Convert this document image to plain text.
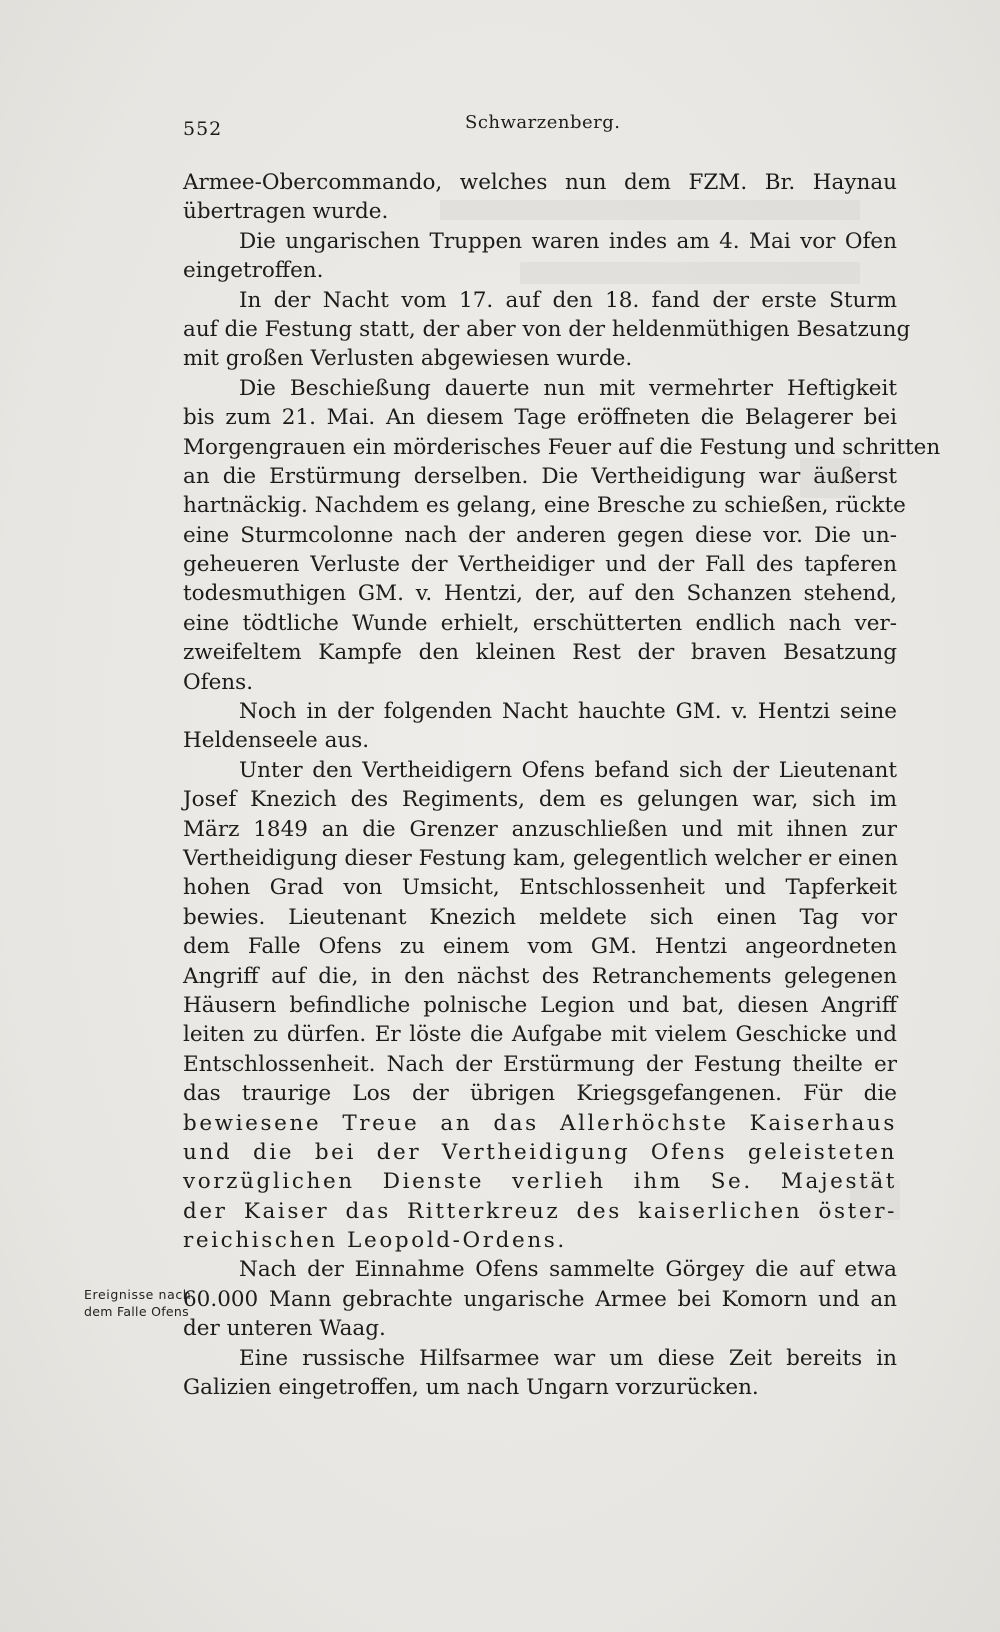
552	Schwarzenberg.
Armee-Obercommando, welches nun dem FZM. Br. Haynau
übertragen wurde.
Die ungarischen Truppen waren indes am 4. Mai vor Ofen
eingetroffen.
In der Nacht vom 17. auf den 18. fand der erste Sturm
auf die Festung statt, der aber von der heldenmüthigen Besatzung
mit großen Verlusten abgewiesen wurde.
Die Beschießung dauerte nun mit vermehrter Heftigkeit
bis zum 21. Mai. An diesem Tage eröffneten die Belagerer bei
Morgengrauen ein mörderisches Feuer auf die Festung und schritten
an die Erstürmung derselben. Die Vertheidigung war äußerst
hartnäckig. Nachdem es gelang, eine Bresche zu schießen, rückte
eine Sturmcolonne nach der anderen gegen diese vor. Die un-
geheueren Verluste der Vertheidiger und der Fall des tapferen
todesmuthigen GM. v. Hentzi, der, auf den Schanzen stehend,
eine tödtliche Wunde erhielt, erschütterten endlich nach ver-
zweifeltem Kampfe den kleinen Rest der braven Besatzung
Ofens.
Noch in der folgenden Nacht hauchte GM. v. Hentzi seine
Heldenseele aus.
Unter den Vertheidigern Ofens befand sich der Lieutenant
Josef Knezich des Regiments, dem es gelungen war, sich im
März 1849 an die Grenzer anzuschließen und mit ihnen zur
Vertheidigung dieser Festung kam, gelegentlich welcher er einen
hohen Grad von Umsicht, Entschlossenheit und Tapferkeit
bewies. Lieutenant Knezich meldete sich einen Tag vor
dem Falle Ofens zu einem vom GM. Hentzi angeordneten
Angriff auf die, in den nächst des Retranchements gelegenen
Häusern befindliche polnische Legion und bat, diesen Angriff
leiten zu dürfen. Er löste die Aufgabe mit vielem Geschicke und
Entschlossenheit. Nach der Erstürmung der Festung theilte er
das traurige Los der übrigen Kriegsgefangenen. Für die
bewiesene Treue an das Allerhöchste Kaiserhaus
und die bei der Vertheidigung Ofens geleisteten
vorzüglichen Dienste verlieh ihm Se. Majestät
der Kaiser das Ritterkreuz des kaiserlichen öster-
reichischen Leopold-Ordens.
Nach der Einnahme Ofens sammelte Görgey die auf etwa
60.000 Mann gebrachte ungarische Armee bei Komorn und an
der unteren Waag.
Eine russische Hilfsarmee war um diese Zeit bereits in
Galizien eingetroffen, um nach Ungarn vorzurücken.
Ereignisse nach
dem Falle Ofens
